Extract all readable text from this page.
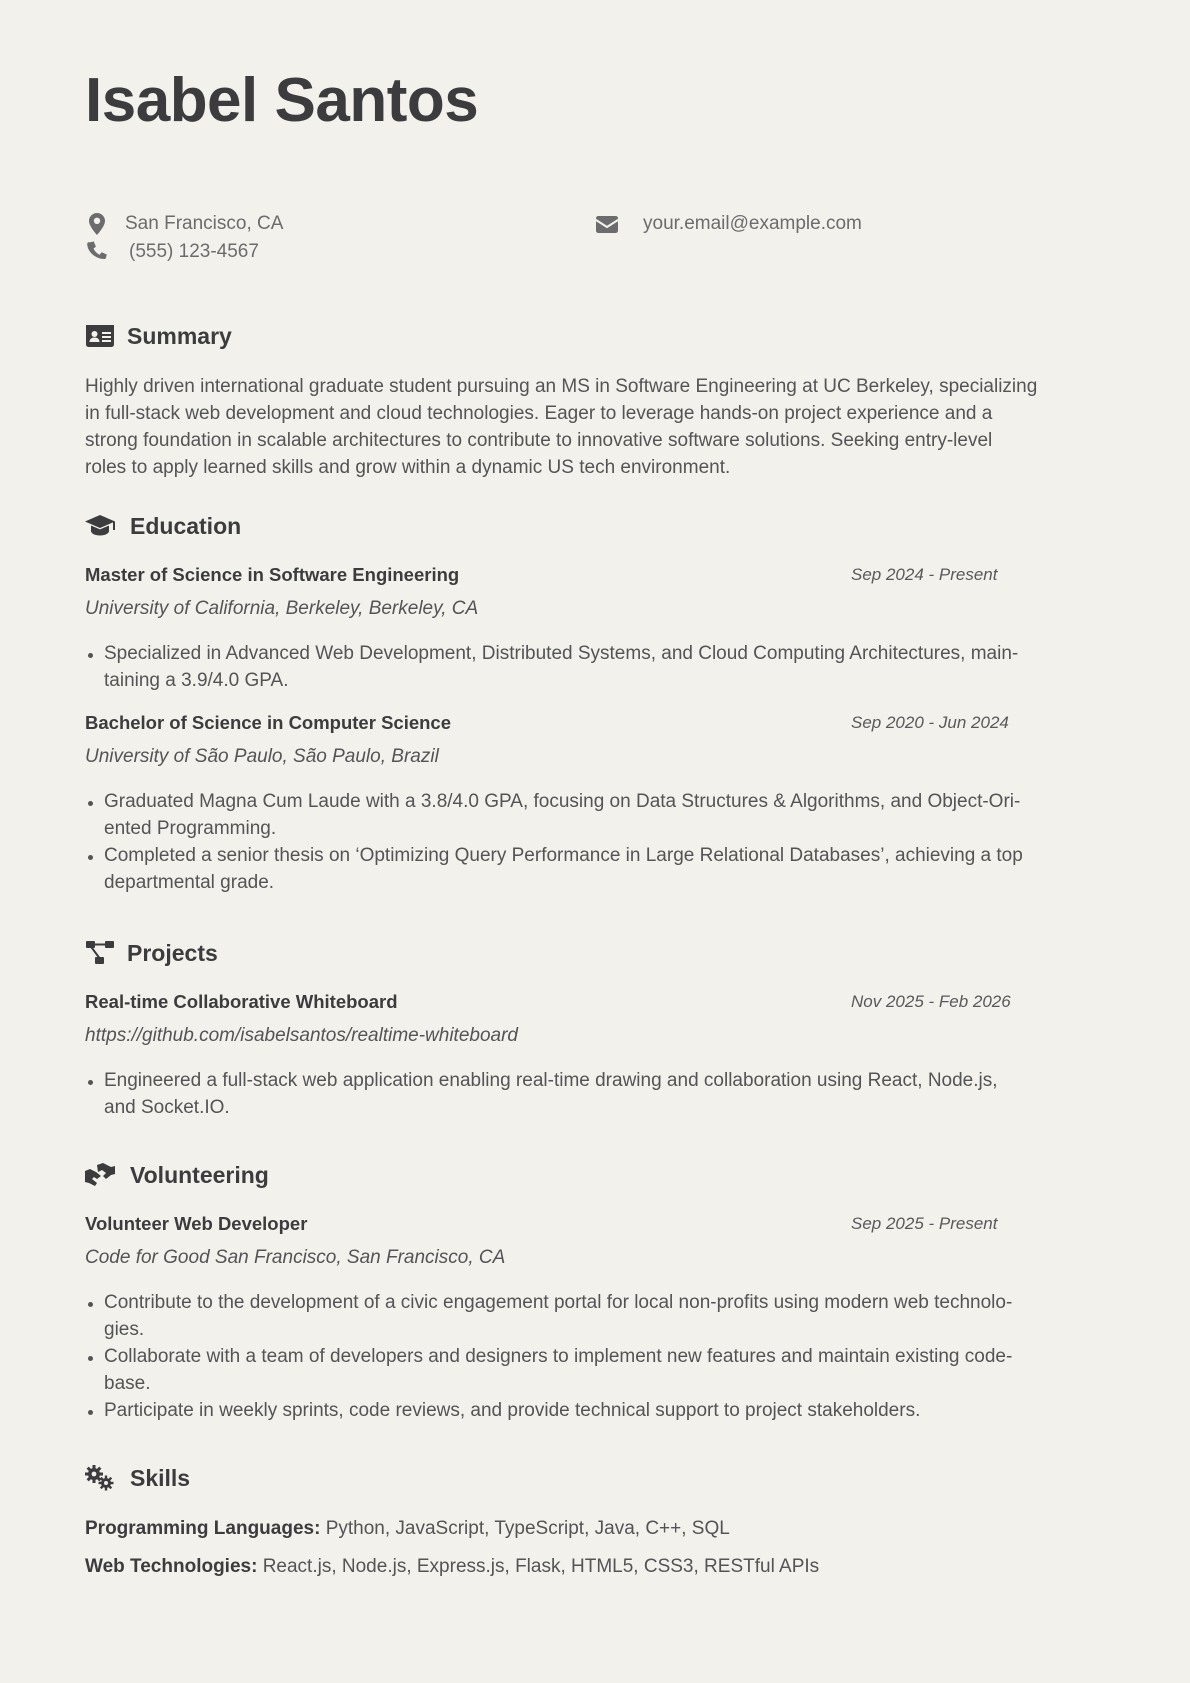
Isabel Santos
San Francisco, CA
(555) 123-4567
your.email@example.com
Summary

Highly driven international graduate student pursuing an MS in Software Engineering at UC Berkeley, specializing

in full-stack web development and cloud technologies. Eager to leverage hands-on project experience and a

strong foundation in scalable architectures to contribute to innovative software solutions. Seeking entry-level

roles to apply learned skills and grow within a dynamic US tech environment.

Education
Master of Science in Software Engineering	Sep 2024 - Present
University of California, Berkeley, Berkeley, CA
Specialized in Advanced Web Development, Distributed Systems, and Cloud Computing Architectures, main-
taining a 3.9/4.0 GPA.
Bachelor of Science in Computer Science	Sep 2020 - Jun 2024
University of São Paulo, São Paulo, Brazil
Graduated Magna Cum Laude with a 3.8/4.0 GPA, focusing on Data Structures & Algorithms, and Object-Ori-
ented Programming.
Completed a senior thesis on ‘Optimizing Query Performance in Large Relational Databases’, achieving a top
departmental grade.
Projects
Real-time Collaborative Whiteboard	Nov 2025 - Feb 2026
https://github.com/isabelsantos/realtime-whiteboard
Engineered a full-stack web application enabling real-time drawing and collaboration using React, Node.js,
and Socket.IO.
Volunteering
Volunteer Web Developer	Sep 2025 - Present
Code for Good San Francisco, San Francisco, CA
Contribute to the development of a civic engagement portal for local non-profits using modern web technolo-
gies.
Collaborate with a team of developers and designers to implement new features and maintain existing code-
base.
Participate in weekly sprints, code reviews, and provide technical support to project stakeholders.
Skills
Programming Languages: Python, JavaScript, TypeScript, Java, C++, SQL
Web Technologies: React.js, Node.js, Express.js, Flask, HTML5, CSS3, RESTful APIs
